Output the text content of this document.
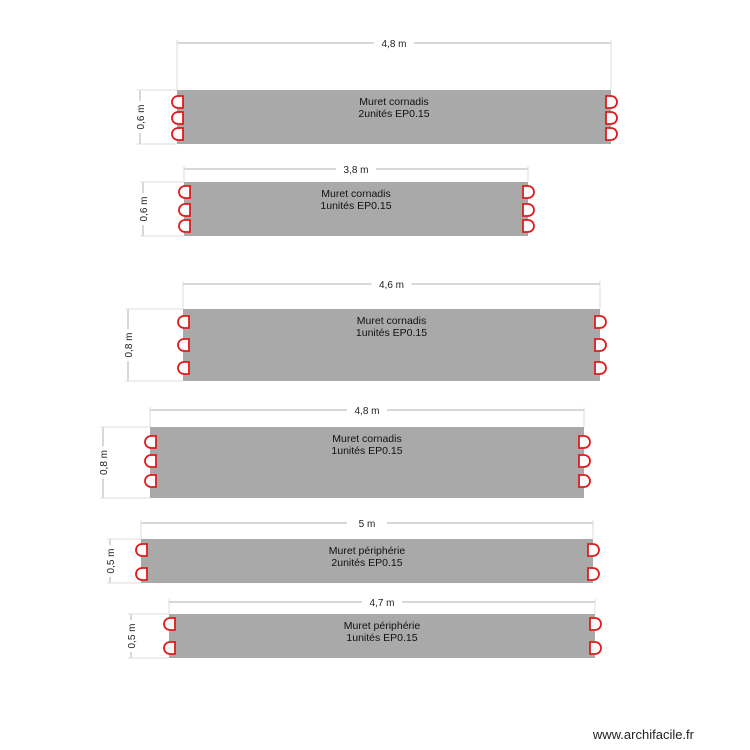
4,8 m
0,6 m
Muret cornadis
2unités EP0.15
3,8 m
0,6 m
Muret cornadis
1unités EP0.15
4,6 m
0,8 m
Muret cornadis
1unités EP0.15
4,8 m
0,8 m
Muret cornadis
1unités EP0.15
5 m
0,5 m	Muret périphérie
2unités EP0.15
4,7 m
0,5 m	Muret périphérie
1unités EP0.15
www.archifacile.fr
